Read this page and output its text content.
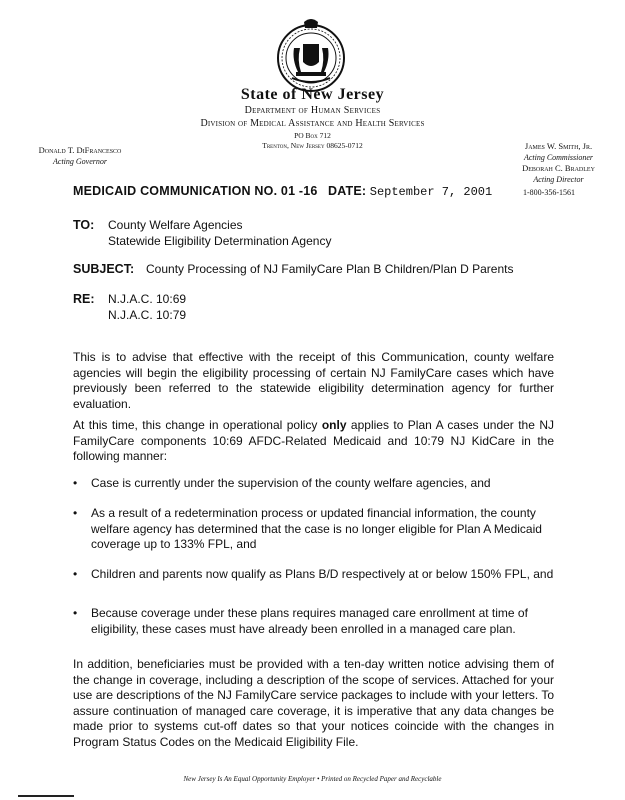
State of New Jersey
Department of Human Services
Division of Medical Assistance and Health Services
PO Box 712
Trenton, New Jersey 08625-0712
Donald T. DiFrancesco
Acting Governor
James W. Smith, Jr.
Acting Commissioner
Deborah C. Bradley
Acting Director
MEDICAID COMMUNICATION NO. 01 -16 DATE: September 7, 2001	1-800-356-1561
TO: County Welfare Agencies
Statewide Eligibility Determination Agency
SUBJECT: County Processing of NJ FamilyCare Plan B Children/Plan D Parents
RE: N.J.A.C. 10:69
N.J.A.C. 10:79

This is to advise that effective with the receipt of this Communication, county welfare agencies will begin the eligibility processing of certain NJ FamilyCare cases which have previously been referred to the statewide eligibility determination agency for further evaluation.

At this time, this change in operational policy only applies to Plan A cases under the NJ FamilyCare components 10:69 AFDC-Related Medicaid and 10:79 NJ KidCare in the following manner:

•	Case is currently under the supervision of the county welfare agencies, and

•	As a result of a redetermination process or updated financial information, the county welfare agency has determined that the case is no longer eligible for Plan A Medicaid coverage up to 133% FPL, and

•	Children and parents now qualify as Plans B/D respectively at or below 150% FPL, and

•	Because coverage under these plans requires managed care enrollment at time of eligibility, these cases must have already been enrolled in a managed care plan.

In addition, beneficiaries must be provided with a ten-day written notice advising them of the change in coverage, including a description of the scope of services. Attached for your use are descriptions of the NJ FamilyCare service packages to include with your letters. To assure continuation of managed care coverage, it is imperative that any data changes be made prior to systems cut-off dates so that your notices coincide with the changes in Program Status Codes on the Medicaid Eligibility File.

New Jersey Is An Equal Opportunity Employer • Printed on Recycled Paper and Recyclable
